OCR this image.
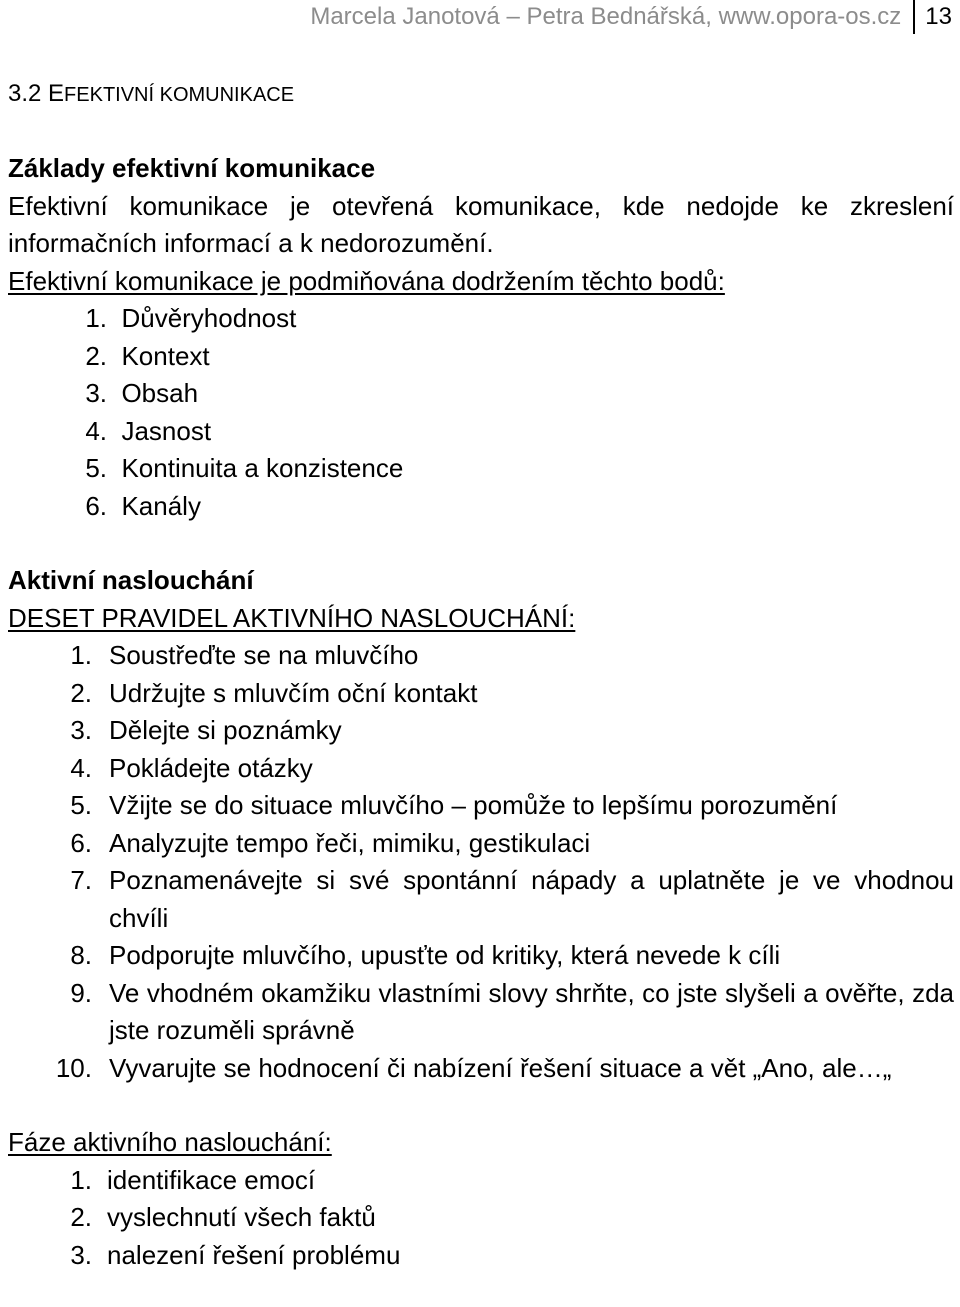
Marcela Janotová – Petra Bednářská, www.opora-os.cz 13
3.2 EFEKTIVNÍ KOMUNIKACE
Základy efektivní komunikace
Efektivní komunikace je otevřená komunikace, kde nedojde ke zkreslení informačních informací a k nedorozumění.
Efektivní komunikace je podmiňována dodržením těchto bodů:
1. Důvěryhodnost
2. Kontext
3. Obsah
4. Jasnost
5. Kontinuita a konzistence
6. Kanály
Aktivní naslouchání
DESET PRAVIDEL AKTIVNÍHO NASLOUCHÁNÍ:
1. Soustřeďte se na mluvčího
2. Udržujte s mluvčím oční kontakt
3. Dělejte si poznámky
4. Pokládejte otázky
5. Vžijte se do situace mluvčího – pomůže to lepšímu porozumění
6. Analyzujte tempo řeči, mimiku, gestikulaci
7. Poznamenávejte si své spontánní nápady a uplatněte je ve vhodnou chvíli
8. Podporujte mluvčího, upusťte od kritiky, která nevede k cíli
9. Ve vhodném okamžiku vlastními slovy shrňte, co jste slyšeli a ověřte, zda jste rozuměli správně
10. Vyvarujte se hodnocení či nabízení řešení situace a vět „Ano, ale…„
Fáze aktivního naslouchání:
1. identifikace emocí
2. vyslechnutí všech faktů
3. nalezení řešení problému
